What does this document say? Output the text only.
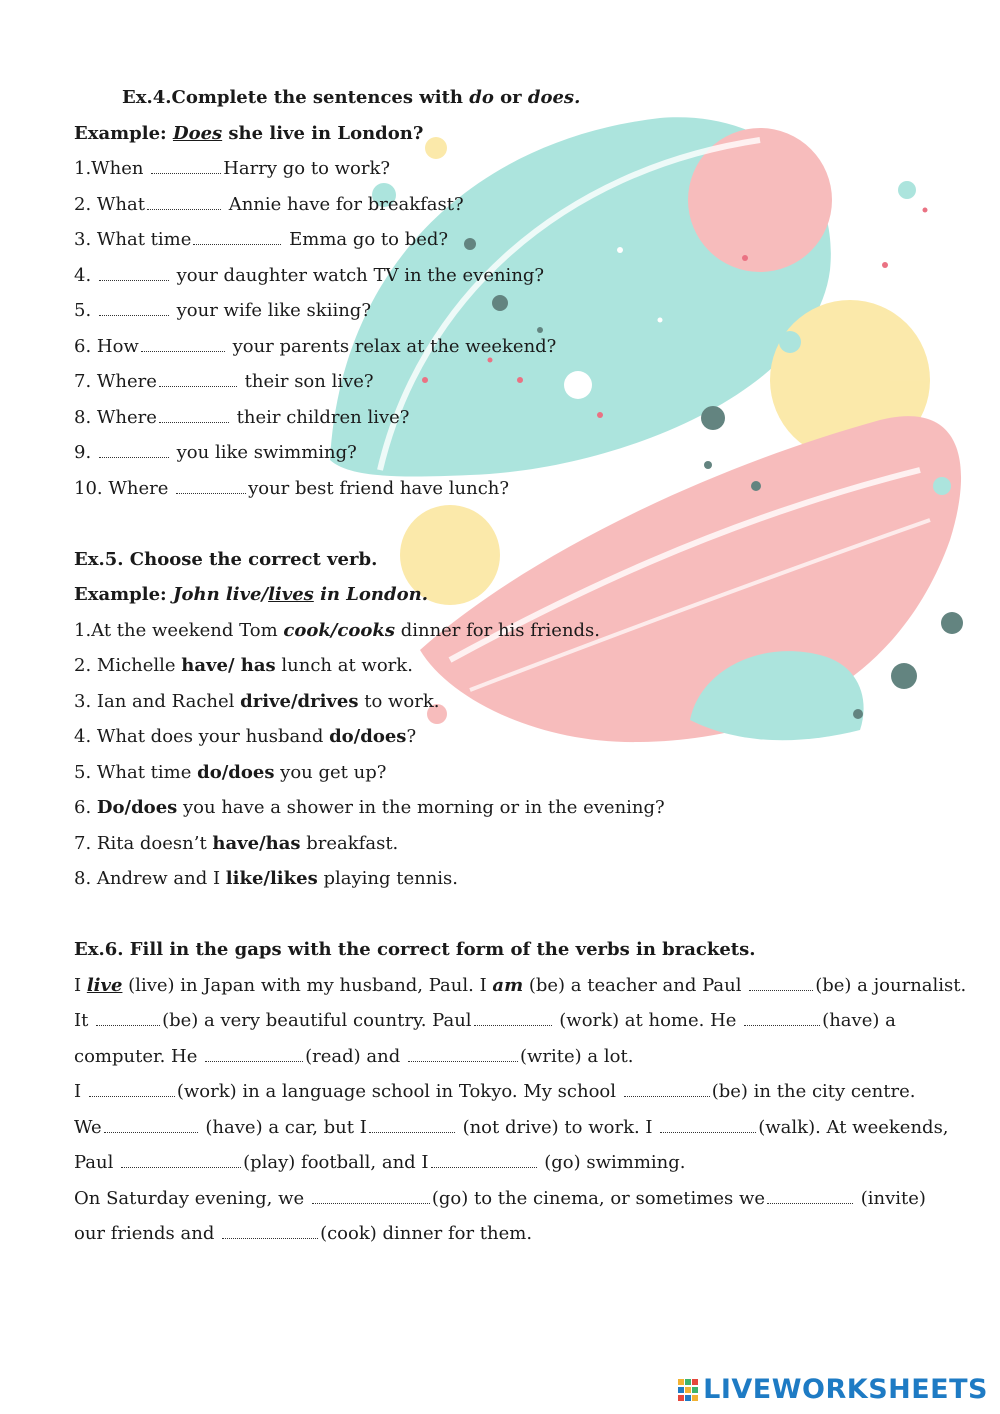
Ex.4.Complete the sentences with do or does.
Example: Does she live in London?
1.When	Harry go to work?
2. What	Annie have for breakfast?
3. What time	Emma go to bed?
4.	your daughter watch TV in the evening?
5.	your wife like skiing?
6. How	your parents relax at the weekend?
7. Where	their son live?
8. Where	their children live?
9.	you like swimming?
10. Where	your best friend have lunch?
Ex.5. Choose the correct verb.
Example: John live/lives in London.
1.At the weekend Tom cook/cooks dinner for his friends.
2. Michelle have/ has lunch at work.
3. Ian and Rachel drive/drives to work.
4. What does your husband do/does?
5. What time do/does you get up?
6. Do/does you have a shower in the morning or in the evening?
7. Rita doesn’t have/has breakfast.
8. Andrew and I like/likes playing tennis.
Ex.6. Fill in the gaps with the correct form of the verbs in brackets.
I live (live) in Japan with my husband, Paul. I am (be) a teacher and Paul	(be) a journalist.
It	(be) a very beautiful country. Paul	(work) at home. He	(have) a
computer. He	(read) and	(write) a lot.
I	(work) in a language school in Tokyo. My school	(be) in the city centre.
We	(have) a car, but I	(not drive) to work. I	(walk). At weekends,
Paul	(play) football, and I	(go) swimming.
On Saturday evening, we	(go) to the cinema, or sometimes we	(invite)
our friends and	(cook) dinner for them.
LIVEWORKSHEETS
